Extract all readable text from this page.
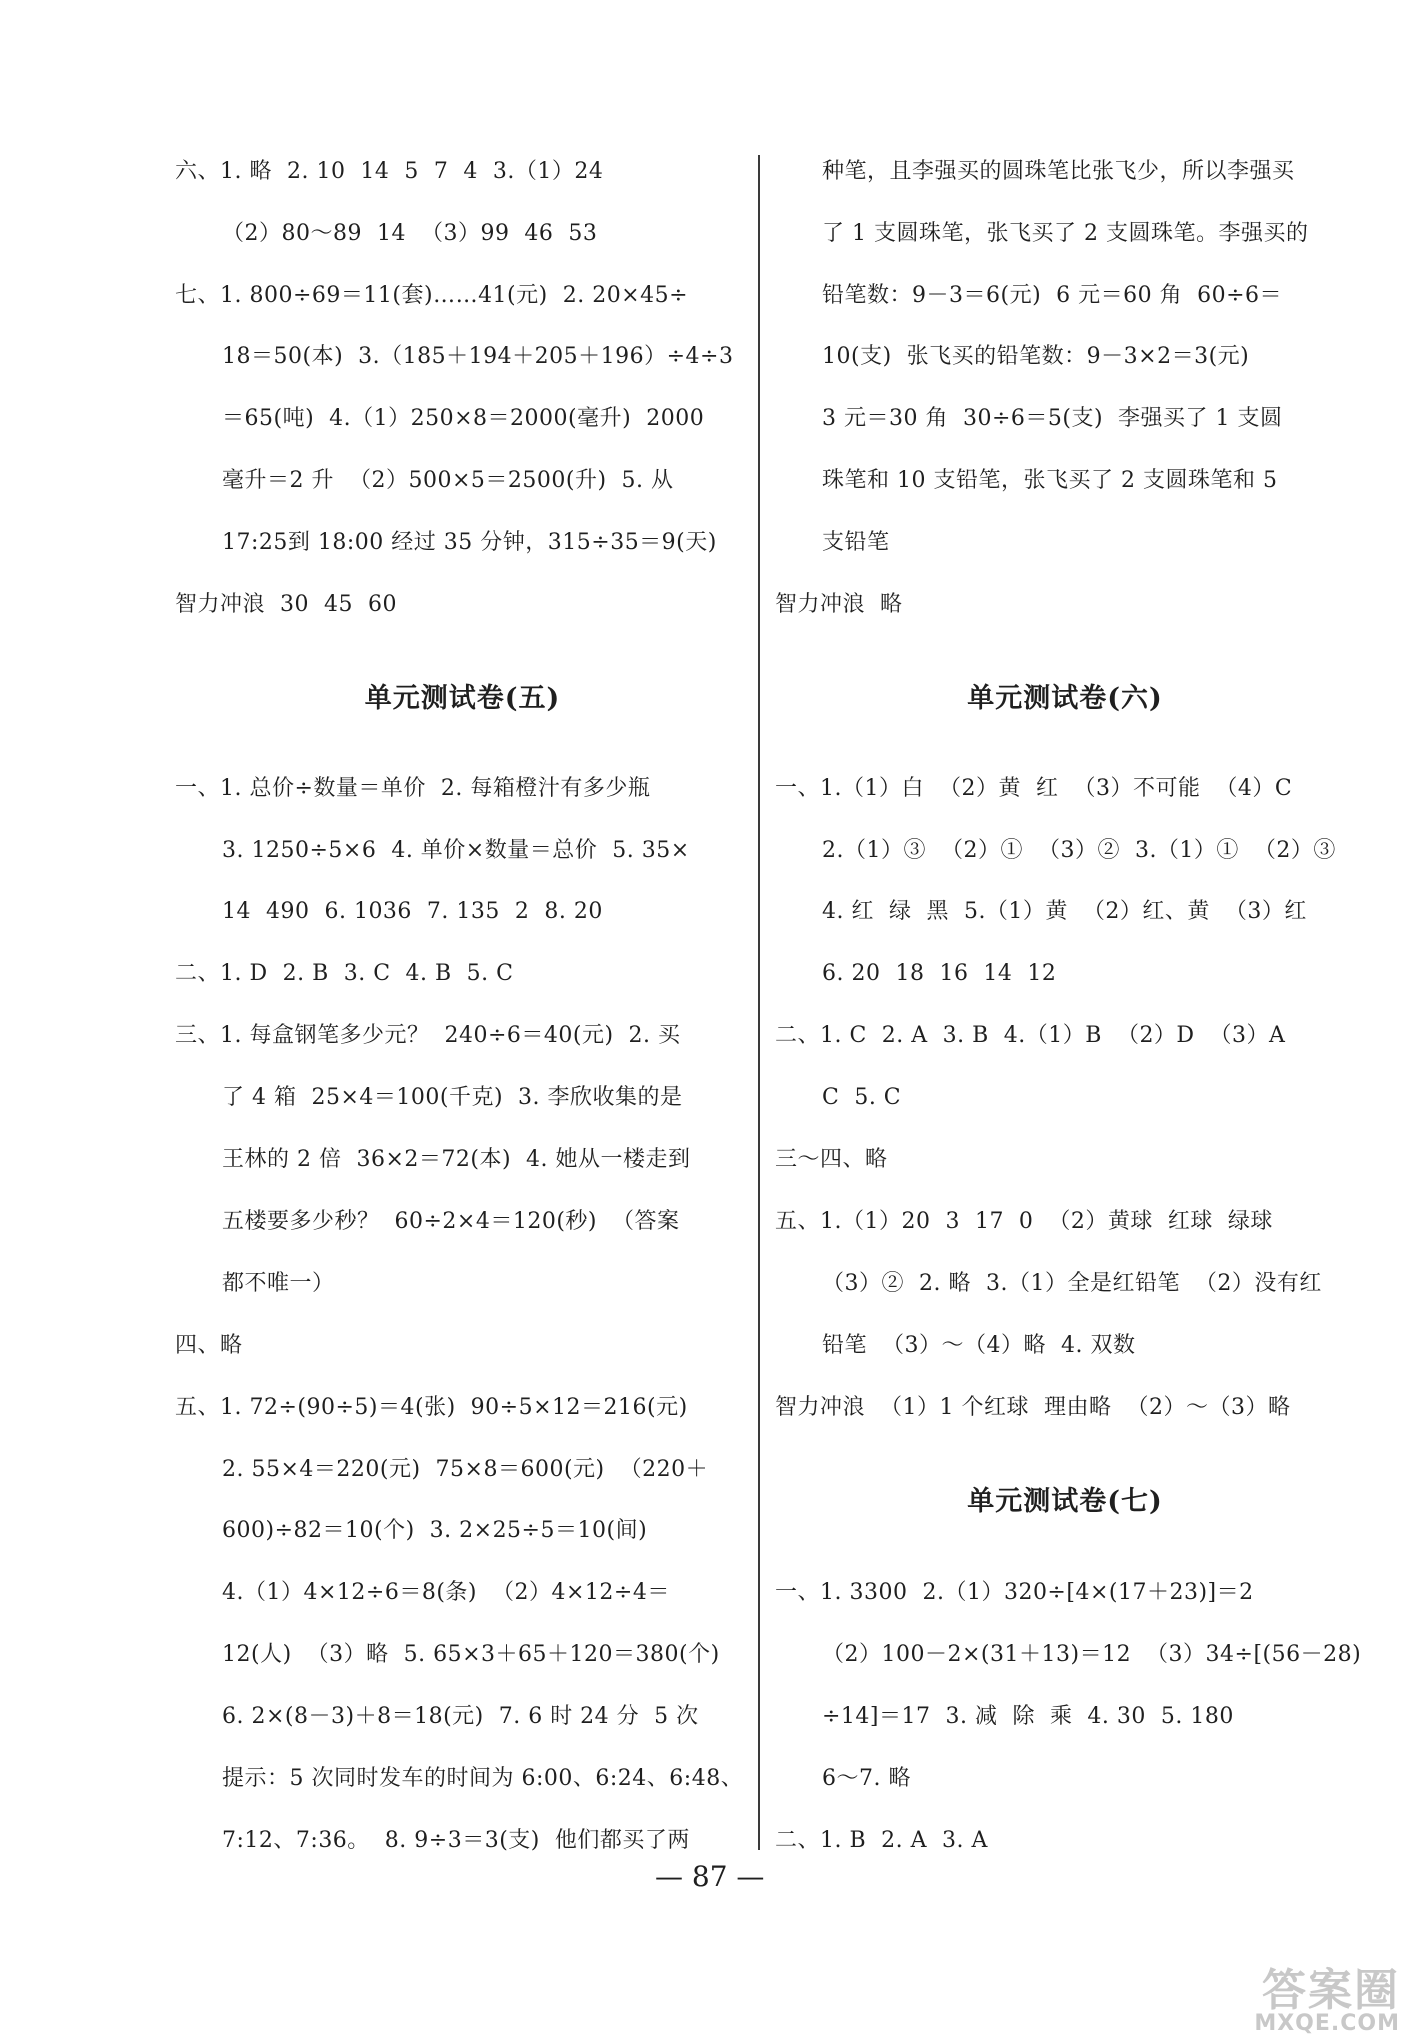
六、1. 略  2. 10  14  5  7  4  3.（1）24
（2）80～89  14  （3）99  46  53
七、1. 800÷69＝11(套)……41(元)  2. 20×45÷
18＝50(本)  3.（185＋194＋205＋196）÷4÷3
＝65(吨)  4.（1）250×8＝2000(毫升)  2000
毫升＝2 升  （2）500×5＝2500(升)  5. 从
17:25到 18:00 经过 35 分钟，315÷35＝9(天)
智力冲浪  30  45  60
单元测试卷(五)
一、1. 总价÷数量＝单价  2. 每箱橙汁有多少瓶
3. 1250÷5×6  4. 单价×数量＝总价  5. 35×
14  490  6. 1036  7. 135  2  8. 20
二、1. D  2. B  3. C  4. B  5. C
三、1. 每盒钢笔多少元？  240÷6＝40(元)  2. 买
了 4 箱  25×4＝100(千克)  3. 李欣收集的是
王林的 2 倍  36×2＝72(本)  4. 她从一楼走到
五楼要多少秒？  60÷2×4＝120(秒)  （答案
都不唯一）
四、略
五、1. 72÷(90÷5)＝4(张)  90÷5×12＝216(元)
2. 55×4＝220(元)  75×8＝600(元)  （220＋
600)÷82＝10(个)  3. 2×25÷5＝10(间)
4.（1）4×12÷6＝8(条)  （2）4×12÷4＝
12(人)  （3）略  5. 65×3＋65＋120＝380(个)
6. 2×(8－3)＋8＝18(元)  7. 6 时 24 分  5 次
提示：5 次同时发车的时间为 6:00、6:24、6:48、
7:12、7:36。  8. 9÷3＝3(支)  他们都买了两
种笔，且李强买的圆珠笔比张飞少，所以李强买
了 1 支圆珠笔，张飞买了 2 支圆珠笔。李强买的
铅笔数：9－3＝6(元)  6 元＝60 角  60÷6＝
10(支)  张飞买的铅笔数：9－3×2＝3(元)
3 元＝30 角  30÷6＝5(支)  李强买了 1 支圆
珠笔和 10 支铅笔，张飞买了 2 支圆珠笔和 5
支铅笔
智力冲浪  略
单元测试卷(六)
一、1.（1）白  （2）黄  红  （3）不可能  （4）C
2.（1）③  （2）①  （3）②  3.（1）①  （2）③
4. 红  绿  黑  5.（1）黄  （2）红、黄  （3）红
6. 20  18  16  14  12
二、1. C  2. A  3. B  4.（1）B  （2）D  （3）A
C  5. C
三～四、略
五、1.（1）20  3  17  0  （2）黄球  红球  绿球
（3）②  2. 略  3.（1）全是红铅笔  （2）没有红
铅笔  （3）～（4）略  4. 双数
智力冲浪  （1）1 个红球  理由略  （2）～（3）略
单元测试卷(七)
一、1. 3300  2.（1）320÷[4×(17＋23)]＝2
（2）100－2×(31＋13)＝12  （3）34÷[(56－28)
÷14]＝17  3. 减  除  乘  4. 30  5. 180
6～7. 略
二、1. B  2. A  3. A
— 87 —
答案圈
MXQE.COM
